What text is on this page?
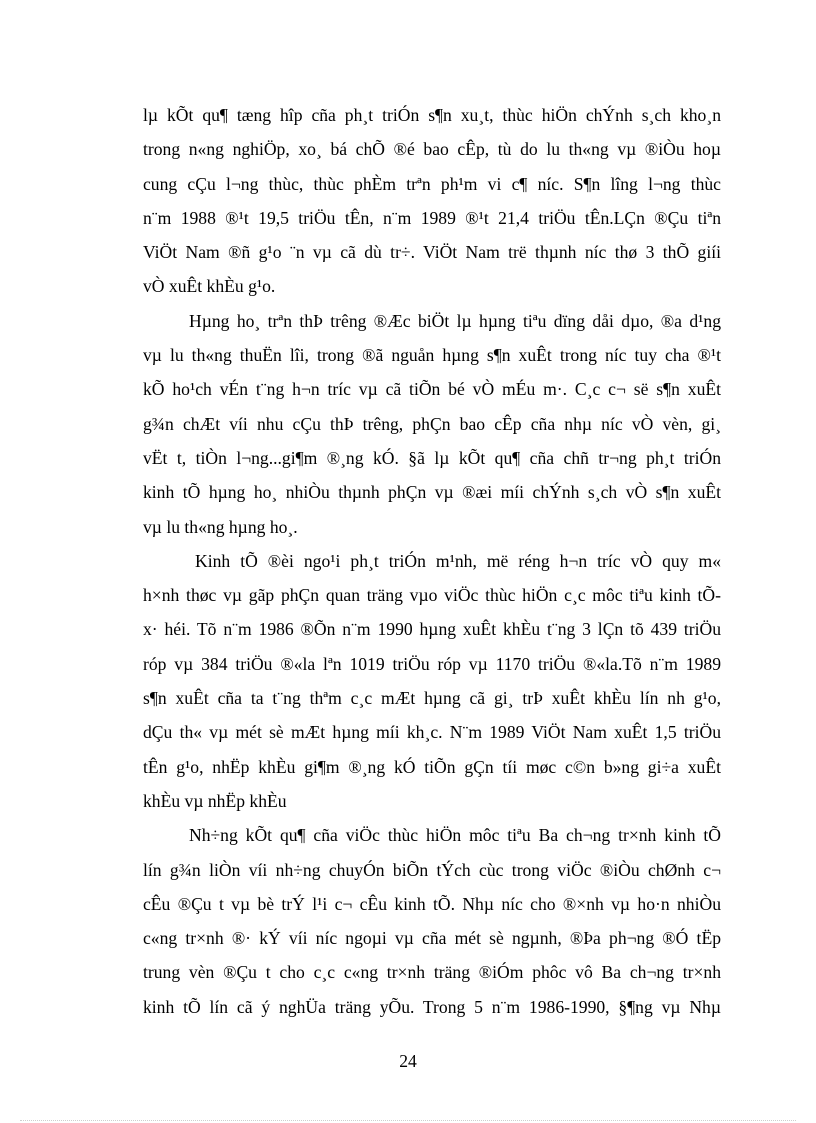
lµ kÕt qu¶ tæng hîp cña ph¸t triÓn s¶n xu¸t, thùc hiÖn chÝnh s¸ch kho¸n
trong n«ng nghiÖp, xo¸ bá chÕ ®é bao cÊp, tù do lu th«ng vµ ®iÒu hoµ
cung cÇu l¬ng thùc, thùc phÈm trªn ph¹m vi c¶ níc. S¶n lîng l¬ng thùc
n¨m 1988 ®¹t 19,5 triÖu tÊn, n¨m 1989 ®¹t 21,4 triÖu tÊn.LÇn ®Çu tiªn
ViÖt Nam ®ñ g¹o ¨n vµ cã dù tr÷. ViÖt Nam trë thµnh níc thø 3 thÕ giíi
vÒ xuÊt khÈu g¹o.
Hµng ho¸ trªn thÞ trêng ®Æc biÖt lµ hµng tiªu dïng dåi dµo, ®a d¹ng
vµ lu th«ng thuËn lîi, trong ®ã nguån hµng s¶n xuÊt trong níc tuy cha ®¹t
kÕ ho¹ch vÉn t¨ng h¬n tríc vµ cã tiÕn bé vÒ mÉu m·. C¸c c¬ së s¶n xuÊt
g¾n chÆt víi nhu cÇu thÞ trêng, phÇn bao cÊp cña nhµ níc vÒ vèn, gi¸
vËt t, tiÒn l¬ng...gi¶m ®¸ng kÓ. §ã lµ kÕt qu¶ cña chñ tr¬ng ph¸t triÓn
kinh tÕ hµng ho¸ nhiÒu thµnh phÇn vµ ®æi míi chÝnh s¸ch vÒ s¶n xuÊt
vµ lu th«ng hµng ho¸.
Kinh tÕ ®èi ngo¹i ph¸t triÓn m¹nh, më réng h¬n tríc vÒ quy m«
h×nh thøc vµ gãp phÇn quan träng vµo viÖc thùc hiÖn c¸c môc tiªu kinh tÕ-
x· héi. Tõ n¨m 1986 ®Õn n¨m 1990 hµng xuÊt khÈu t¨ng 3 lÇn tõ 439 triÖu
róp vµ 384 triÖu ®«la lªn 1019 triÖu róp vµ 1170 triÖu ®«la.Tõ n¨m 1989
s¶n xuÊt cña ta t¨ng thªm c¸c mÆt hµng cã gi¸ trÞ xuÊt khÈu lín nh g¹o,
dÇu th« vµ mét sè mÆt hµng míi kh¸c. N¨m 1989 ViÖt Nam xuÊt 1,5 triÖu
tÊn g¹o, nhËp khÈu gi¶m ®¸ng kÓ tiÕn gÇn tíi møc c©n b»ng gi÷a xuÊt
khÈu vµ nhËp khÈu
Nh÷ng kÕt qu¶ cña viÖc thùc hiÖn môc tiªu Ba ch¬ng tr×nh kinh tÕ
lín g¾n liÒn víi nh÷ng chuyÓn biÕn tÝch cùc trong viÖc ®iÒu chØnh c¬
cÊu ®Çu t vµ bè trÝ l¹i c¬ cÊu kinh tÕ. Nhµ níc cho ®×nh vµ ho·n nhiÒu
c«ng tr×nh ®· kÝ víi níc ngoµi vµ cña mét sè ngµnh, ®Þa ph¬ng ®Ó tËp
trung vèn ®Çu t cho c¸c c«ng tr×nh träng ®iÓm phôc vô Ba ch¬ng tr×nh
kinh tÕ lín cã ý nghÜa träng yÕu. Trong 5 n¨m 1986-1990, §¶ng vµ Nhµ
24
